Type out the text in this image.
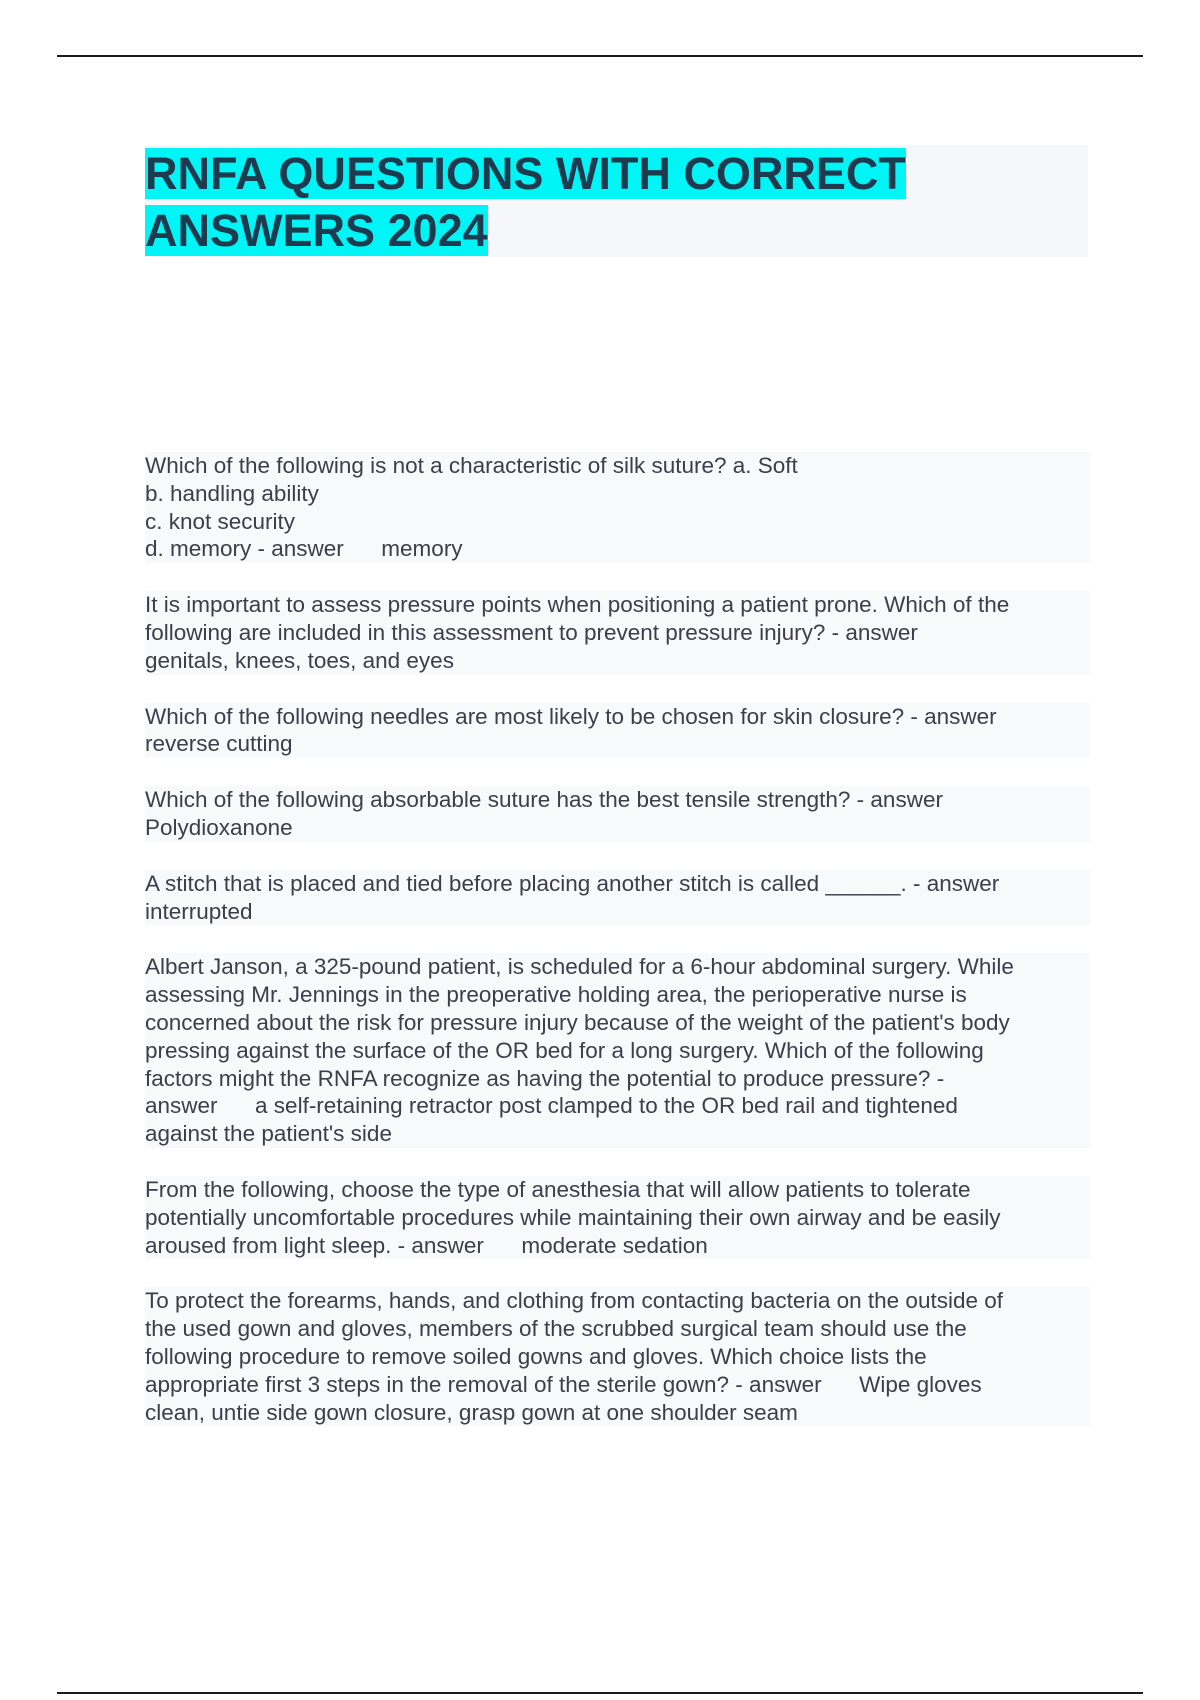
RNFA QUESTIONS WITH CORRECT ANSWERS 2024

Which of the following is not a characteristic of silk suture? a. Soft
b. handling ability
c. knot security
d. memory - answer      memory

It is important to assess pressure points when positioning a patient prone. Which of the
following are included in this assessment to prevent pressure injury? - answer
genitals, knees, toes, and eyes

Which of the following needles are most likely to be chosen for skin closure? - answer
reverse cutting

Which of the following absorbable suture has the best tensile strength? - answer
Polydioxanone

A stitch that is placed and tied before placing another stitch is called ______. - answer
interrupted

Albert Janson, a 325-pound patient, is scheduled for a 6-hour abdominal surgery. While
assessing Mr. Jennings in the preoperative holding area, the perioperative nurse is
concerned about the risk for pressure injury because of the weight of the patient's body
pressing against the surface of the OR bed for a long surgery. Which of the following
factors might the RNFA recognize as having the potential to produce pressure? -
answer      a self-retaining retractor post clamped to the OR bed rail and tightened
against the patient's side

From the following, choose the type of anesthesia that will allow patients to tolerate
potentially uncomfortable procedures while maintaining their own airway and be easily
aroused from light sleep. - answer      moderate sedation

To protect the forearms, hands, and clothing from contacting bacteria on the outside of
the used gown and gloves, members of the scrubbed surgical team should use the
following procedure to remove soiled gowns and gloves. Which choice lists the
appropriate first 3 steps in the removal of the sterile gown? - answer      Wipe gloves
clean, untie side gown closure, grasp gown at one shoulder seam
